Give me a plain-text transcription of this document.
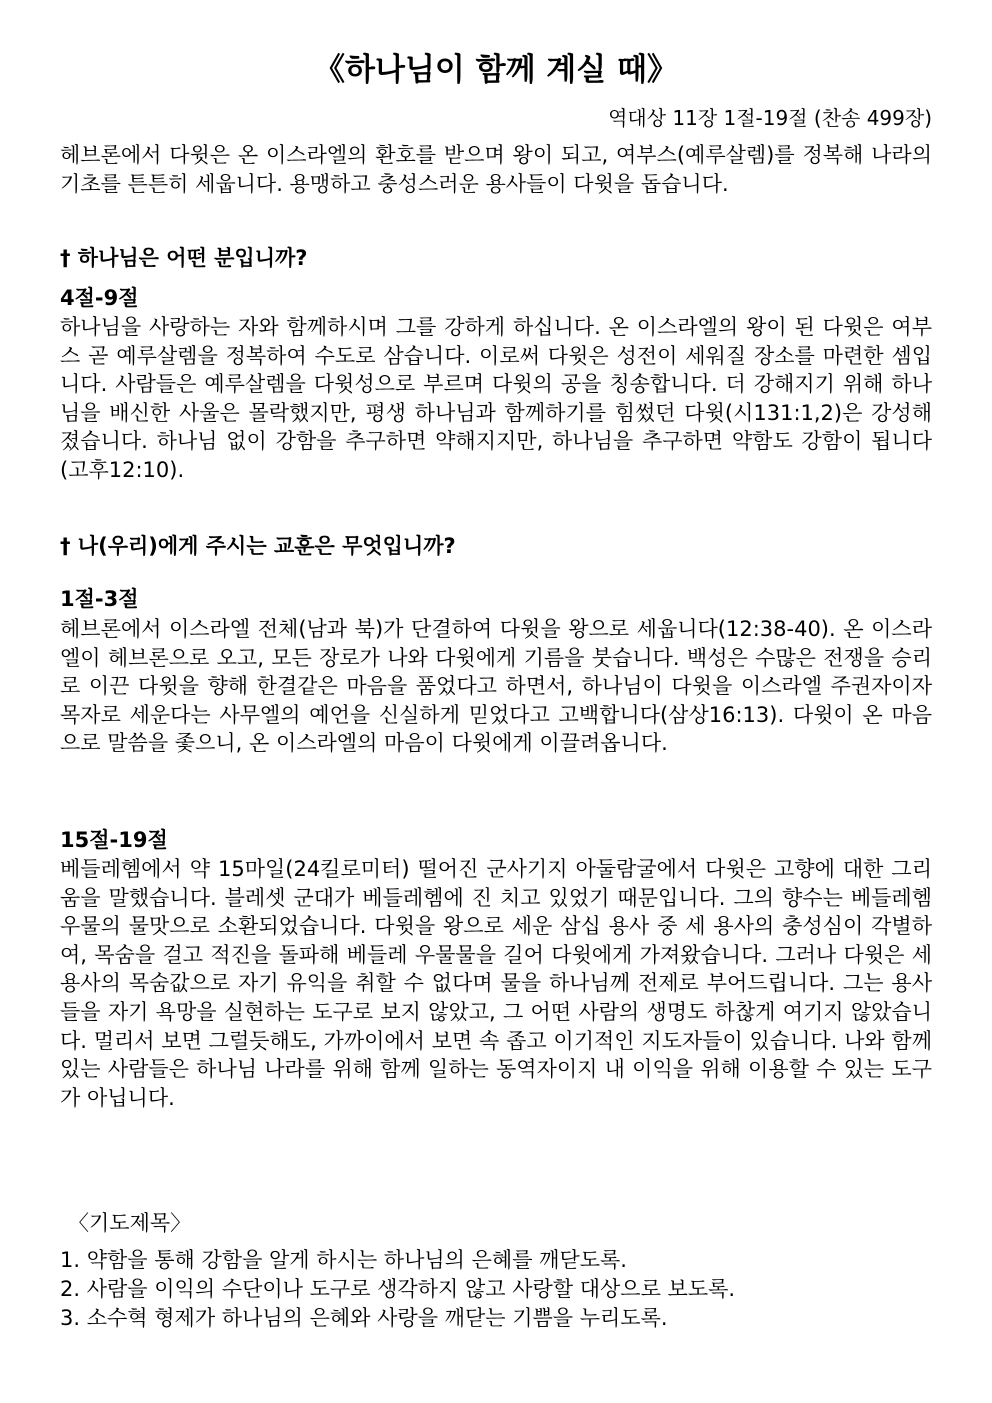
《하나님이 함께 계실 때》

역대상 11장 1절-19절 (찬송 499장)

헤브론에서 다윗은 온 이스라엘의 환호를 받으며 왕이 되고, 여부스(예루살렘)를 정복해 나라의 기초를 튼튼히 세웁니다. 용맹하고 충성스러운 용사들이 다윗을 돕습니다.

† 하나님은 어떤 분입니까?

4절-9절

하나님을 사랑하는 자와 함께하시며 그를 강하게 하십니다. 온 이스라엘의 왕이 된 다윗은 여부스 곧 예루살렘을 정복하여 수도로 삼습니다. 이로써 다윗은 성전이 세워질 장소를 마련한 셈입니다. 사람들은 예루살렘을 다윗성으로 부르며 다윗의 공을 칭송합니다. 더 강해지기 위해 하나님을 배신한 사울은 몰락했지만, 평생 하나님과 함께하기를 힘썼던 다윗(시131:1,2)은 강성해졌습니다. 하나님 없이 강함을 추구하면 약해지지만, 하나님을 추구하면 약함도 강함이 됩니다(고후12:10).

† 나(우리)에게 주시는 교훈은 무엇입니까?

1절-3절

헤브론에서 이스라엘 전체(남과 북)가 단결하여 다윗을 왕으로 세웁니다(12:38-40). 온 이스라엘이 헤브론으로 오고, 모든 장로가 나와 다윗에게 기름을 붓습니다. 백성은 수많은 전쟁을 승리로 이끈 다윗을 향해 한결같은 마음을 품었다고 하면서, 하나님이 다윗을 이스라엘 주권자이자 목자로 세운다는 사무엘의 예언을 신실하게 믿었다고 고백합니다(삼상16:13). 다윗이 온 마음으로 말씀을 좇으니, 온 이스라엘의 마음이 다윗에게 이끌려옵니다.

15절-19절

베들레헴에서 약 15마일(24킬로미터) 떨어진 군사기지 아둘람굴에서 다윗은 고향에 대한 그리움을 말했습니다. 블레셋 군대가 베들레헴에 진 치고 있었기 때문입니다. 그의 향수는 베들레헴 우물의 물맛으로 소환되었습니다. 다윗을 왕으로 세운 삼십 용사 중 세 용사의 충성심이 각별하여, 목숨을 걸고 적진을 돌파해 베들레 우물물을 길어 다윗에게 가져왔습니다. 그러나 다윗은 세 용사의 목숨값으로 자기 유익을 취할 수 없다며 물을 하나님께 전제로 부어드립니다. 그는 용사들을 자기 욕망을 실현하는 도구로 보지 않았고, 그 어떤 사람의 생명도 하찮게 여기지 않았습니다. 멀리서 보면 그럴듯해도, 가까이에서 보면 속 좁고 이기적인 지도자들이 있습니다. 나와 함께 있는 사람들은 하나님 나라를 위해 함께 일하는 동역자이지 내 이익을 위해 이용할 수 있는 도구가 아닙니다.

〈기도제목〉

1. 약함을 통해 강함을 알게 하시는 하나님의 은혜를 깨닫도록.
2. 사람을 이익의 수단이나 도구로 생각하지 않고 사랑할 대상으로 보도록.
3. 소수혁 형제가 하나님의 은혜와 사랑을 깨닫는 기쁨을 누리도록.
